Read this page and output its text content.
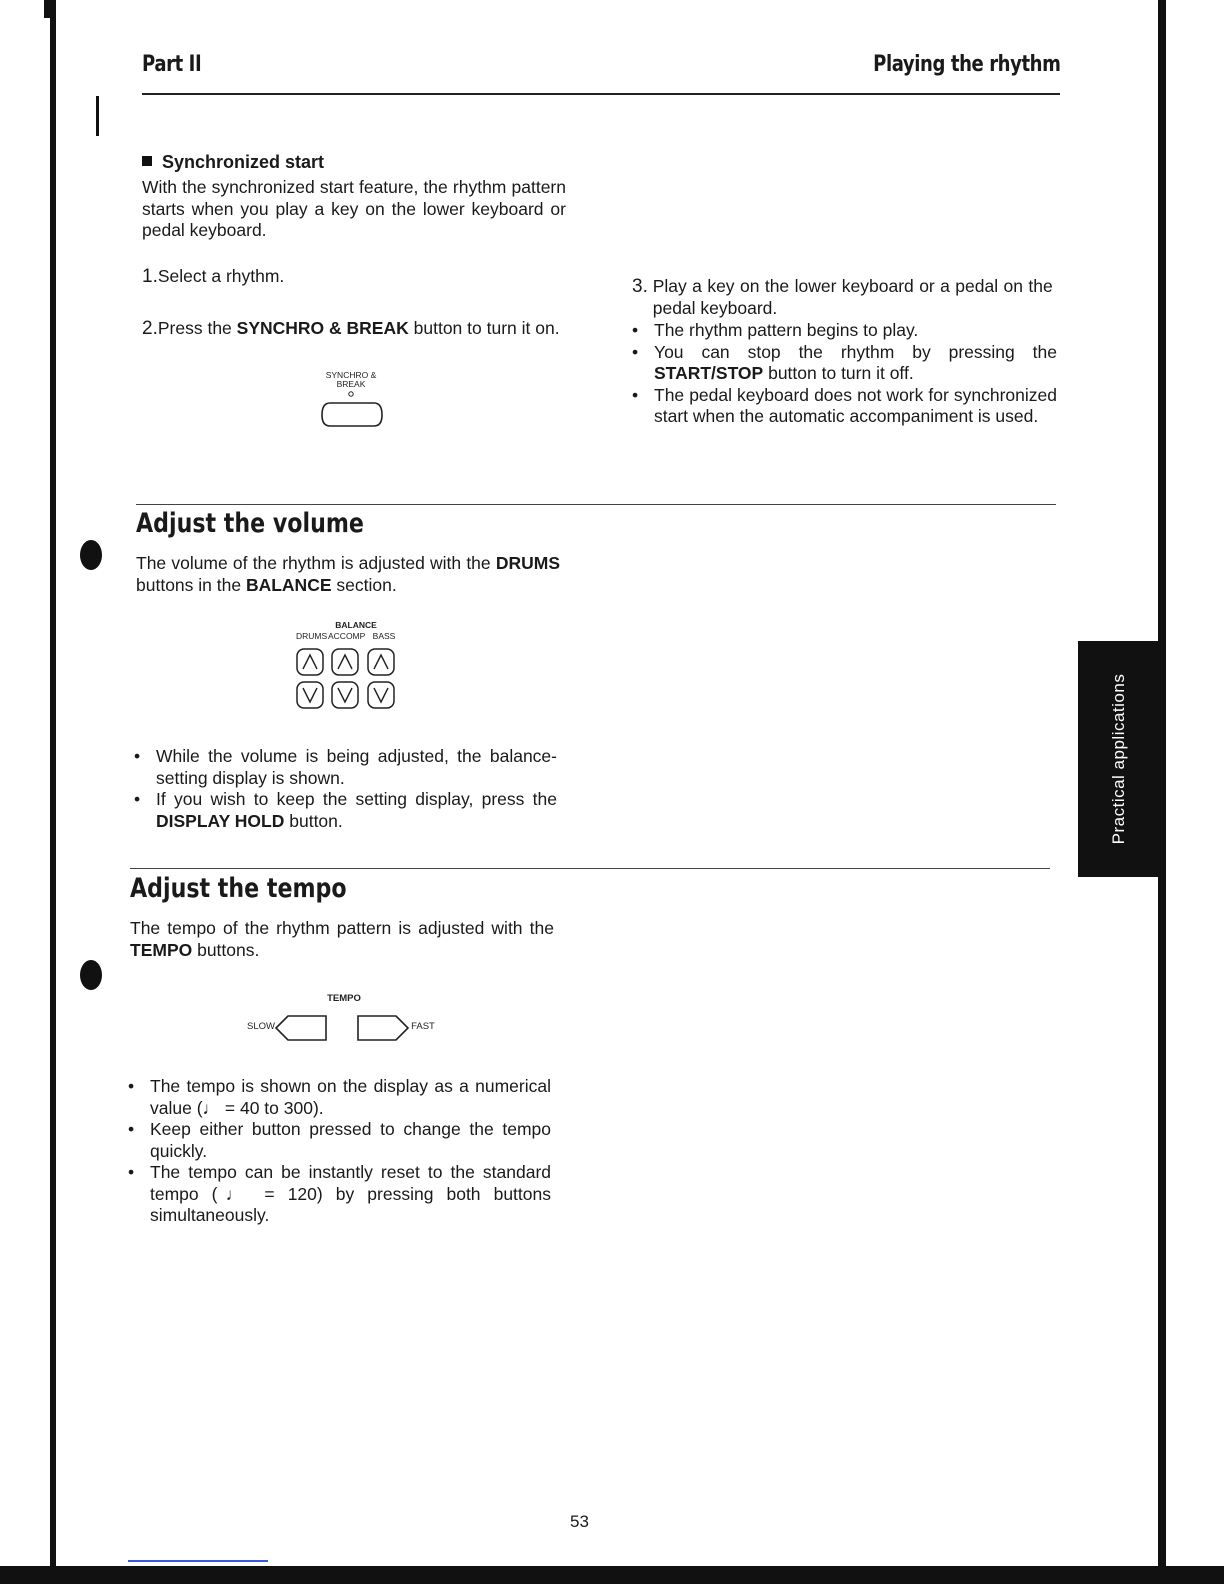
Part II	Playing the rhythm
Synchronized start

With the synchronized start feature, the rhythm pattern starts when you play a key on the lower keyboard or pedal keyboard.

1.Select a rhythm.
2.Press the SYNCHRO & BREAK button to turn it on.
SYNCHRO &
BREAK
3. Play a key on the lower keyboard or a pedal on the pedal keyboard.
• The rhythm pattern begins to play.
• You can stop the rhythm by pressing the START/STOP button to turn it off.
• The pedal keyboard does not work for synchronized start when the automatic accompaniment is used.
Adjust the volume

The volume of the rhythm is adjusted with the DRUMS buttons in the BALANCE section.

BALANCE
DRUMS ACCOMP BASS
• While the volume is being adjusted, the balance-setting display is shown.
• If you wish to keep the setting display, press the DISPLAY HOLD button.
Adjust the tempo

The tempo of the rhythm pattern is adjusted with the TEMPO buttons.

TEMPO
SLOW	FAST
• The tempo is shown on the display as a numerical value (♩ = 40 to 300).
• Keep either button pressed to change the tempo quickly.
• The tempo can be instantly reset to the standard tempo (♩ = 120) by pressing both buttons simultaneously.
Practical applications
53
